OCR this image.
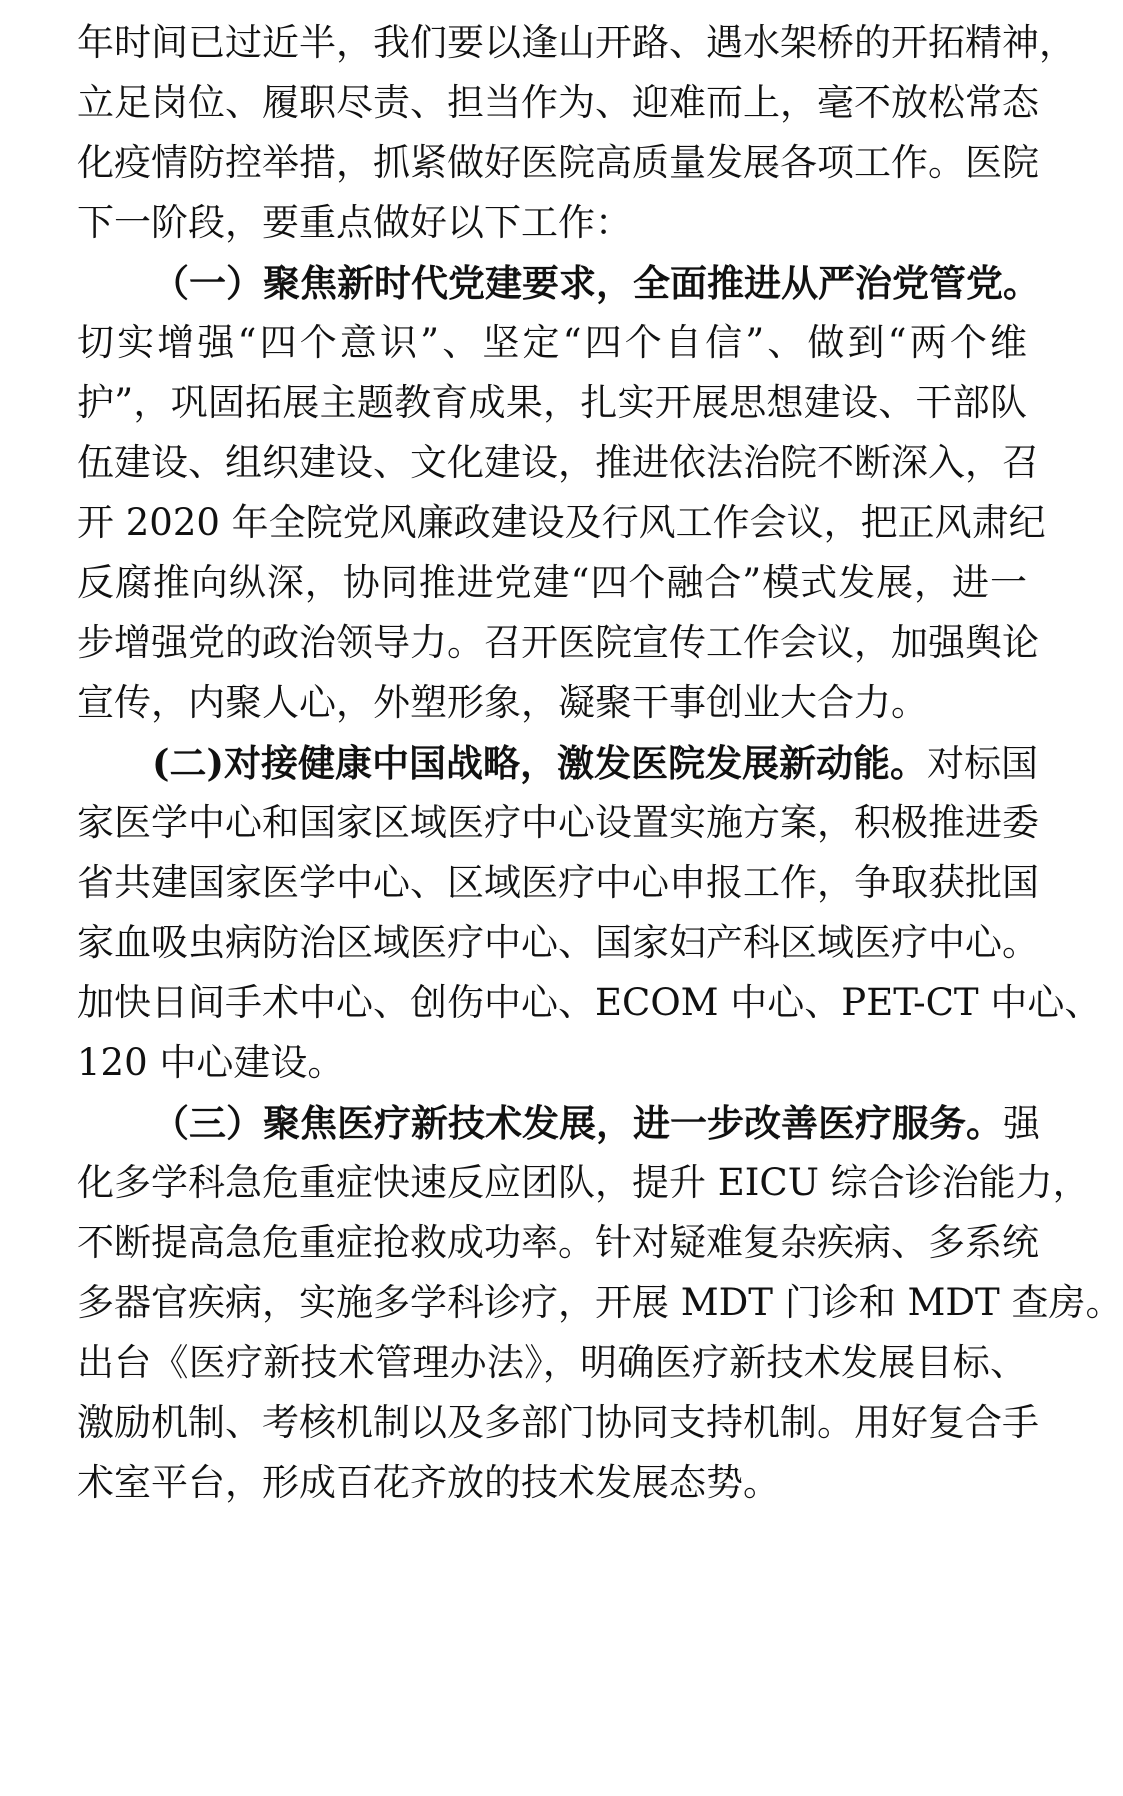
年时间已过近半，我们要以逢山开路、遇水架桥的开拓精神，
立足岗位、履职尽责、担当作为、迎难而上，毫不放松常态
化疫情防控举措，抓紧做好医院高质量发展各项工作。医院
下一阶段，要重点做好以下工作：
（一）聚焦新时代党建要求，全面推进从严治党管党。
切实增强“四个意识”、坚定“四个自信”、做到“两个维
护”，巩固拓展主题教育成果，扎实开展思想建设、干部队
伍建设、组织建设、文化建设，推进依法治院不断深入，召
开 2020 年全院党风廉政建设及行风工作会议，把正风肃纪
反腐推向纵深，协同推进党建“四个融合”模式发展，进一
步增强党的政治领导力。召开医院宣传工作会议，加强舆论
宣传，内聚人心，外塑形象，凝聚干事创业大合力。
(二)对接健康中国战略，激发医院发展新动能。对标国
家医学中心和国家区域医疗中心设置实施方案，积极推进委
省共建国家医学中心、区域医疗中心申报工作，争取获批国
家血吸虫病防治区域医疗中心、国家妇产科区域医疗中心。
加快日间手术中心、创伤中心、ECOM 中心、PET-CT 中心、
120 中心建设。
（三）聚焦医疗新技术发展，进一步改善医疗服务。强
化多学科急危重症快速反应团队，提升 EICU 综合诊治能力，
不断提高急危重症抢救成功率。针对疑难复杂疾病、多系统
多器官疾病，实施多学科诊疗，开展 MDT 门诊和 MDT 查房。
出台《医疗新技术管理办法》，明确医疗新技术发展目标、
激励机制、考核机制以及多部门协同支持机制。用好复合手
术室平台，形成百花齐放的技术发展态势。
